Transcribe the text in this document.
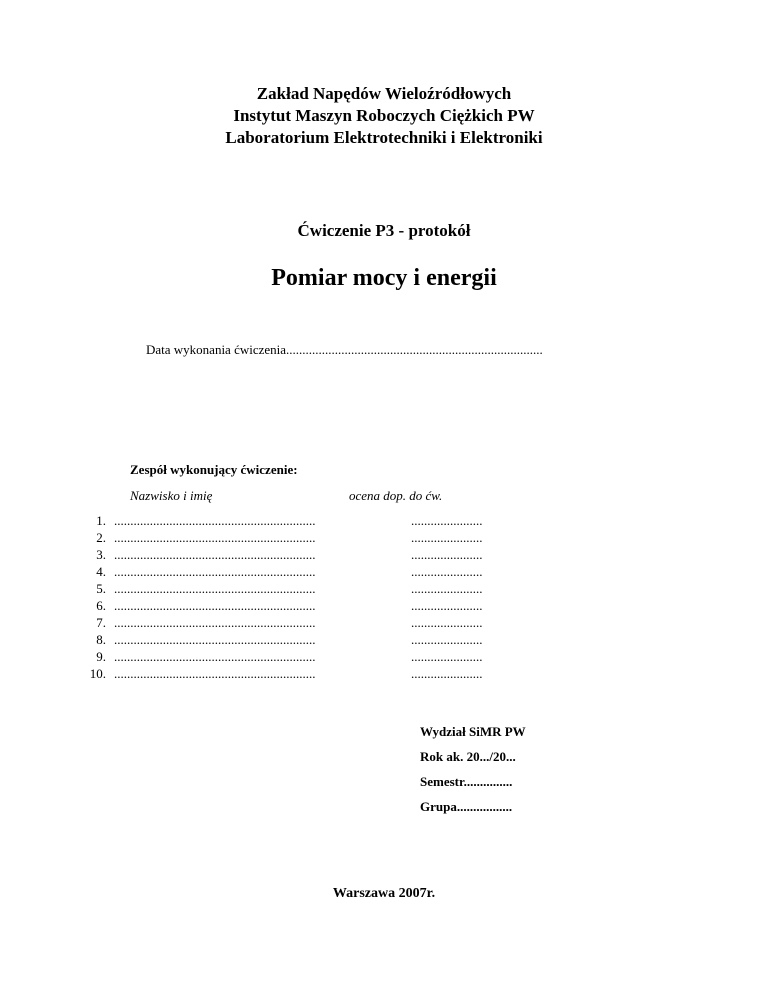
Zakład Napędów Wieloźródłowych
Instytut Maszyn Roboczych Ciężkich PW
Laboratorium Elektrotechniki i Elektroniki
Ćwiczenie P3 - protokół
Pomiar mocy i energii
Data wykonania ćwiczenia...............................................................................
Zespół wykonujący ćwiczenie:
Nazwisko i imię	ocena dop. do ćw.
1. ..............................................................	......................
2. ..............................................................	......................
3. ..............................................................	......................
4. ..............................................................	......................
5. ..............................................................	......................
6. ..............................................................	......................
7. ..............................................................	......................
8. ..............................................................	......................
9. ..............................................................	......................
10. ..............................................................	......................
Wydział SiMR PW
Rok ak. 20.../20...
Semestr...............
Grupa.................
Warszawa 2007r.
